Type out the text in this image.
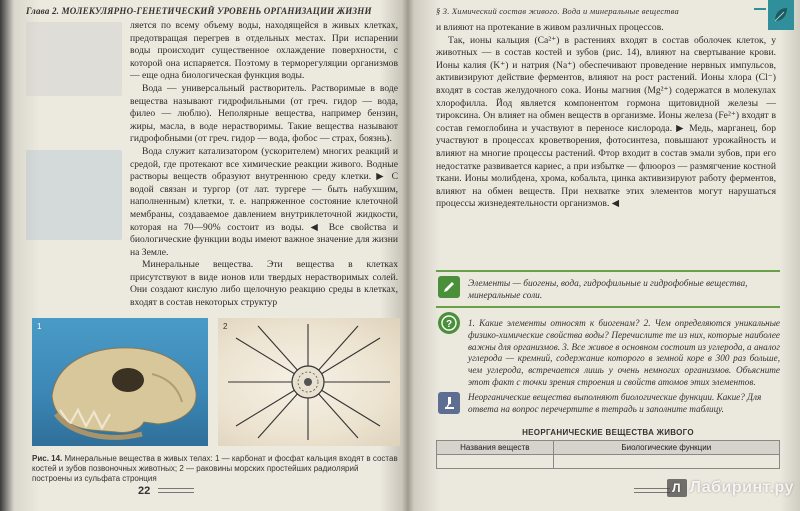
Глава 2. МОЛЕКУЛЯРНО-ГЕНЕТИЧЕСКИЙ УРОВЕНЬ ОРГАНИЗАЦИИ ЖИЗНИ

ляется по всему объему воды, находящейся в живых клетках, предотвращая перегрев в отдельных местах. При испарении воды происходит существенное охлаждение поверхности, с которой она испаряется. Поэтому в терморегуляции организмов — еще одна биологическая функция воды.

Вода — универсальный растворитель. Растворимые в воде вещества называют гидрофильными (от греч. гидор — вода, филео — люблю). Неполярные вещества, например бензин, жиры, масла, в воде нерастворимы. Такие вещества называют гидрофобными (от греч. гидор — вода, фобос — страх, боязнь).

Вода служит катализатором (ускорителем) многих реакций и средой, где протекают все химические реакции живого. Водные растворы веществ образуют внутреннюю среду клетки. ▶ С водой связан и тургор (от лат. тургере — быть набухшим, наполненным) клетки, т. е. напряженное состояние клеточной мембраны, создаваемое давлением внутриклеточной жидкости, которая на 70—90% состоит из воды. ◀ Все свойства и биологические функции воды имеют важное значение для жизни на Земле.

Минеральные вещества. Эти вещества в клетках присутствуют в виде ионов или твердых нерастворимых солей. Они создают кислую либо щелочную реакцию среды в клетках, входят в состав некоторых структур

1	2
Рис. 14. Минеральные вещества в живых телах: 1 — карбонат и фосфат кальция входят в состав костей и зубов позвоночных животных; 2 — раковины морских простейших радиолярий построены из сульфата стронция
22
§ 3. Химический состав живого. Вода и минеральные вещества

и влияют на протекание в живом различных процессов.

Так, ионы кальция (Ca²⁺) в растениях входят в состав оболочек клеток, у животных — в состав костей и зубов (рис. 14), влияют на свертывание крови. Ионы калия (K⁺) и натрия (Na⁺) обеспечивают проведение нервных импульсов, активизируют действие ферментов, влияют на рост растений. Ионы хлора (Cl⁻) входят в состав желудочного сока. Ионы магния (Mg²⁺) содержатся в молекулах хлорофилла. Йод является компонентом гормона щитовидной железы — тироксина. Он влияет на обмен веществ в организме. Ионы железа (Fe²⁺) входят в состав гемоглобина и участвуют в переносе кислорода. ▶ Медь, марганец, бор участвуют в процессах кроветворения, фотосинтеза, повышают урожайность и влияют на многие процессы растений. Фтор входит в состав эмали зубов, при его недостатке развивается кариес, а при избытке — флюороз — размягчение костной ткани. Ионы молибдена, хрома, кобальта, цинка активизируют работу ферментов, влияют на обмен веществ. При нехватке этих элементов могут нарушаться процессы жизнедеятельности организмов. ◀

Элементы — биогены, вода, гидрофильные и гидрофобные вещества, минеральные соли.
? 1. Какие элементы относят к биогенам? 2. Чем определяются уникальные физико-химические свойства воды? Перечислите те из них, которые наиболее важны для организмов. 3. Все живое в основном состоит из углерода, а аналог углерода — кремний, содержание которого в земной коре в 300 раз больше, чем углерода, встречается лишь у очень немногих организмов. Объясните этот факт с точки зрения строения и свойств атомов этих элементов.
Неорганические вещества выполняют биологические функции. Какие? Для ответа на вопрос перечертите в тетрадь и заполните таблицу.
НЕОРГАНИЧЕСКИЕ ВЕЩЕСТВА ЖИВОГО
Названия веществ	Биологические функции

Л Лабиринт.ру
